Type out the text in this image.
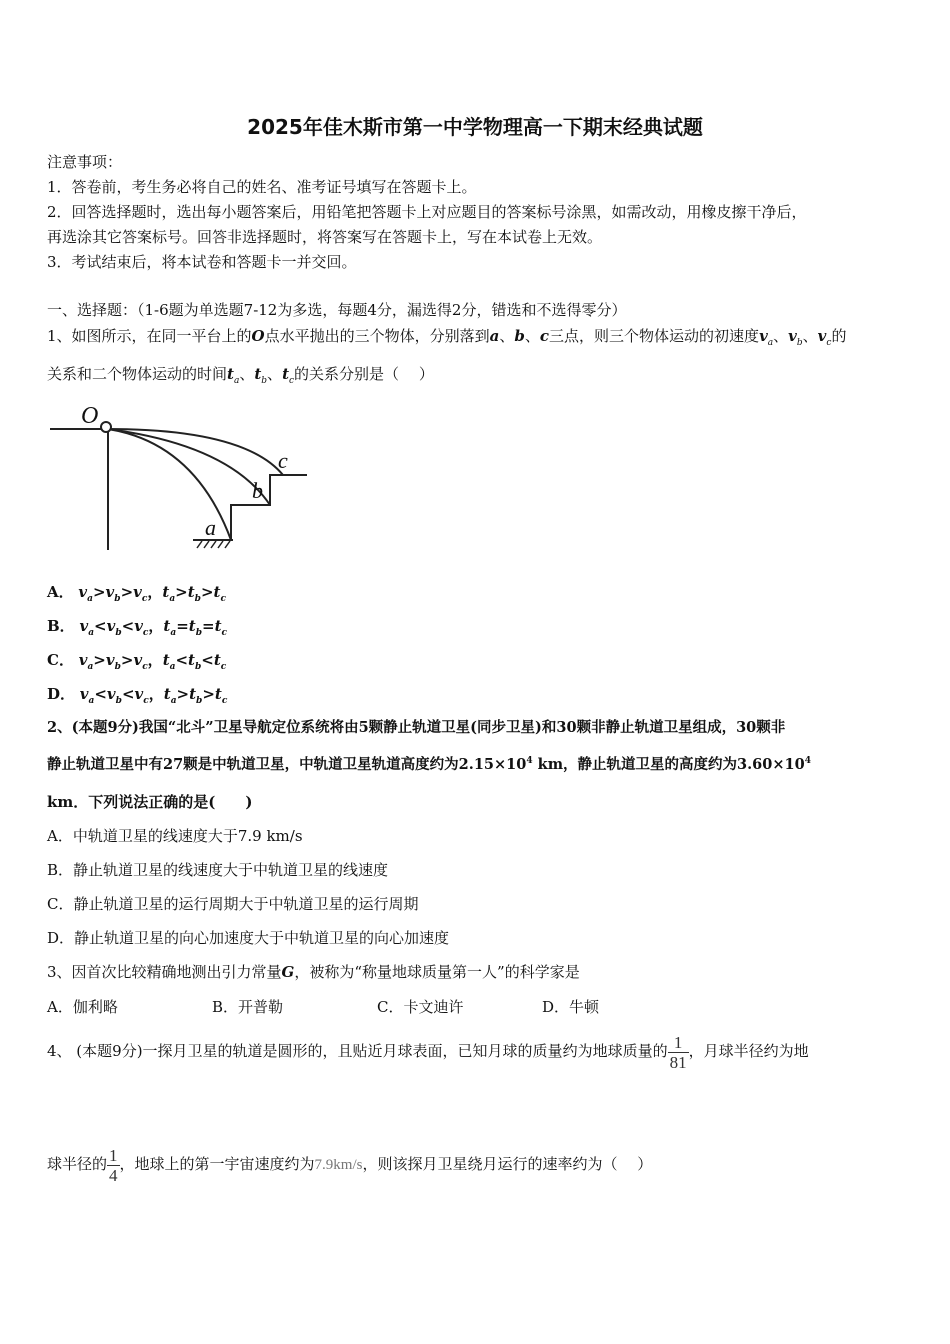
2025年佳木斯市第一中学物理高一下期末经典试题
注意事项：
1．答卷前，考生务必将自己的姓名、准考证号填写在答题卡上。
2．回答选择题时，选出每小题答案后，用铅笔把答题卡上对应题目的答案标号涂黑，如需改动，用橡皮擦干净后，
再选涂其它答案标号。回答非选择题时，将答案写在答题卡上，写在本试卷上无效。
3．考试结束后，将本试卷和答题卡一并交回。
一、选择题：（1-6题为单选题7-12为多选，每题4分，漏选得2分，错选和不选得零分）
1、如图所示，在同一平台上的O点水平抛出的三个物体，分别落到a、b、c三点，则三个物体运动的初速度$v_a$、$v_b$、$v_c$的
关系和二个物体运动的时间$t_a$、$t_b$、$t_c$的关系分别是（　 ）
O
a
b
c
A． $v_a>v_b>v_c$，$t_a>t_b>t_c$
B． $v_a<v_b<v_c$，$t_a=t_b=t_c$
C． $v_a>v_b>v_c$，$t_a<t_b<t_c$
D． $v_a<v_b<v_c$，$t_a>t_b>t_c$
2、(本题9分)我国“北斗”卫星导航定位系统将由5颗静止轨道卫星(同步卫星)和30颗非静止轨道卫星组成，30颗非
静止轨道卫星中有27颗是中轨道卫星，中轨道卫星轨道高度约为$2.15\times 10^4$ km，静止轨道卫星的高度约为$3.60\times 10^4$
km．下列说法正确的是(　　)
A．中轨道卫星的线速度大于7.9 km/s
B．静止轨道卫星的线速度大于中轨道卫星的线速度
C．静止轨道卫星的运行周期大于中轨道卫星的运行周期
D．静止轨道卫星的向心加速度大于中轨道卫星的向心加速度
3、因首次比较精确地测出引力常量G，被称为“称量地球质量第一人”的科学家是
A．伽利略	B．开普勒	C．卡文迪许	D．牛顿
4、 (本题9分)一探月卫星的轨道是圆形的，且贴近月球表面，已知月球的质量约为地球质量的 $\frac{1}{81}$ ，月球半径约为地
球半径的 $\frac{1}{4}$ ，地球上的第一宇宙速度约为7.9km/s，则该探月卫星绕月运行的速率约为（　 ）
